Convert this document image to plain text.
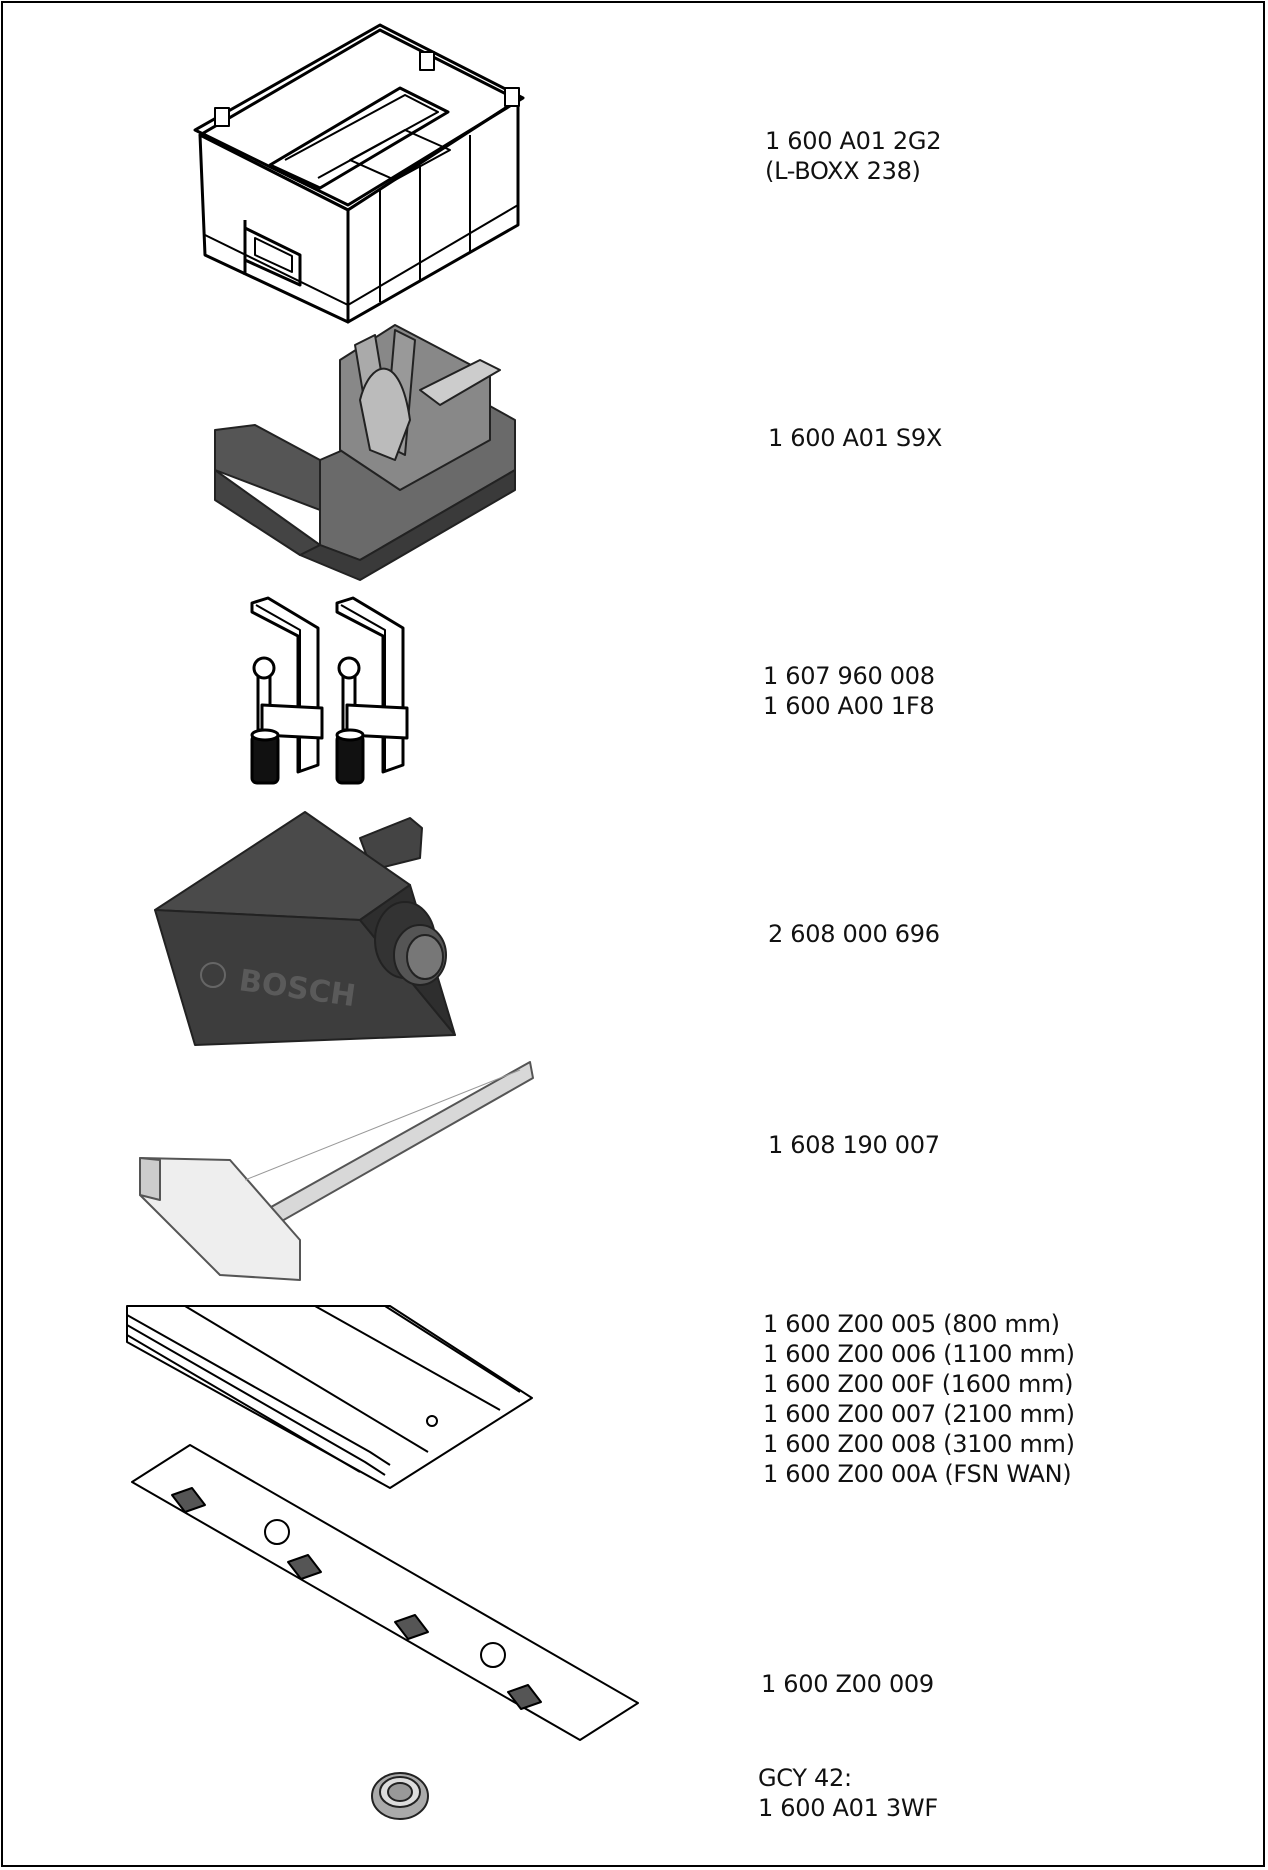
BOSCH
1 600 A01 2G2
(L-BOXX 238)
1 600 A01 S9X
1 607 960 008
1 600 A00 1F8
2 608 000 696
1 608 190 007
1 600 Z00 005 (800 mm)
1 600 Z00 006 (1100 mm)
1 600 Z00 00F (1600 mm)
1 600 Z00 007 (2100 mm)
1 600 Z00 008 (3100 mm)
1 600 Z00 00A (FSN WAN)
1 600 Z00 009
GCY 42:
1 600 A01 3WF
